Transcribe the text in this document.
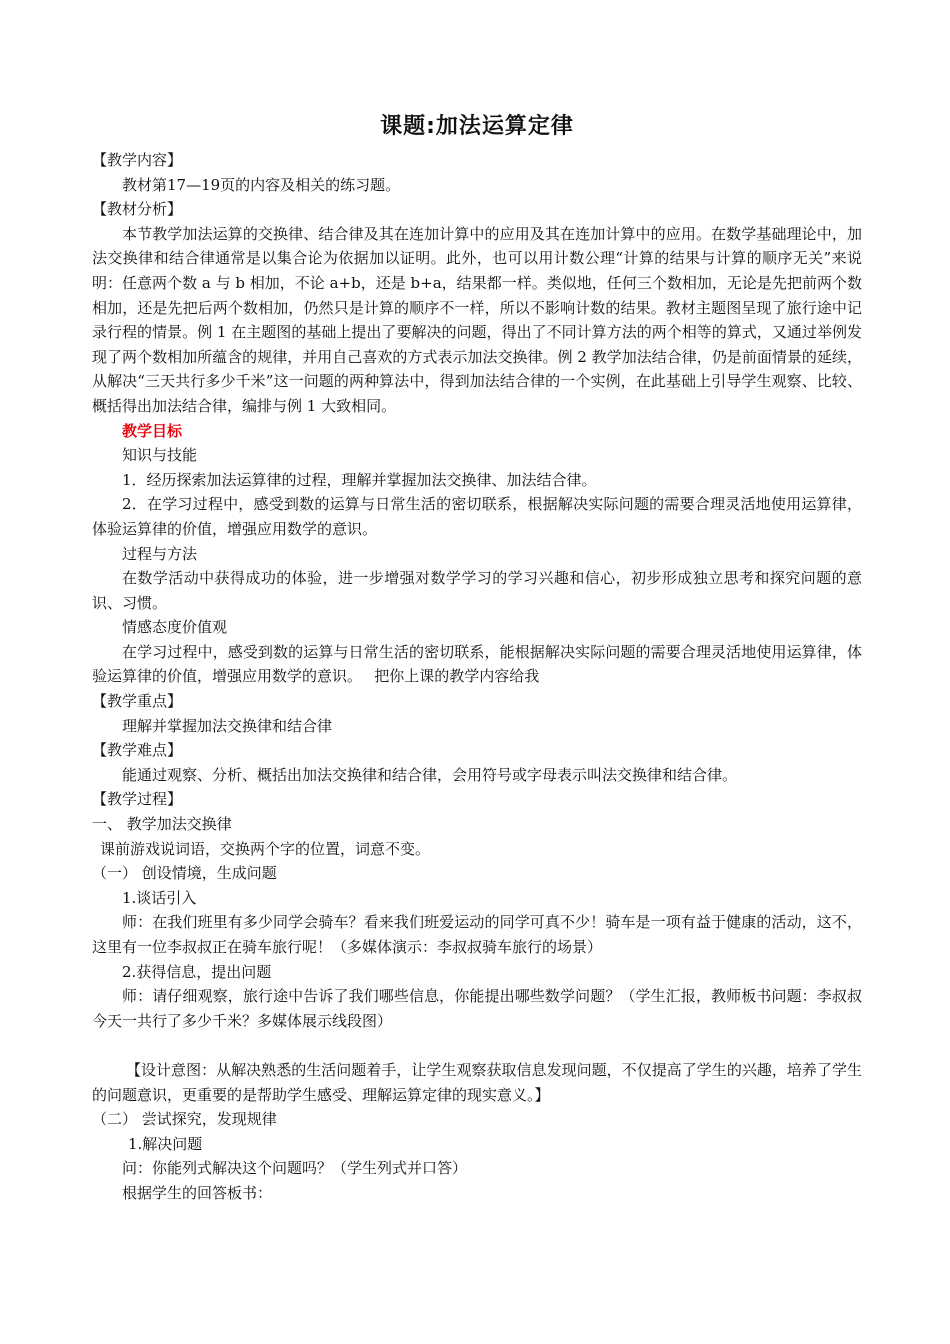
课题:加法运算定律

【教学内容】

教材第17—19页的内容及相关的练习题。

【教材分析】

本节教学加法运算的交换律、结合律及其在连加计算中的应用及其在连加计算中的应用。在数学基础理论中，加法交换律和结合律通常是以集合论为依据加以证明。此外，也可以用计数公理“计算的结果与计算的顺序无关”来说明：任意两个数 a 与 b 相加，不论 a+b，还是 b+a，结果都一样。类似地，任何三个数相加，无论是先把前两个数相加，还是先把后两个数相加，仍然只是计算的顺序不一样，所以不影响计数的结果。教材主题图呈现了旅行途中记录行程的情景。例 1 在主题图的基础上提出了要解决的问题，得出了不同计算方法的两个相等的算式，又通过举例发现了两个数相加所蕴含的规律，并用自己喜欢的方式表示加法交换律。例 2 教学加法结合律，仍是前面情景的延续，从解决“三天共行多少千米”这一问题的两种算法中，得到加法结合律的一个实例，在此基础上引导学生观察、比较、概括得出加法结合律，编排与例 1 大致相同。

教学目标

知识与技能

1．经历探索加法运算律的过程，理解并掌握加法交换律、加法结合律。

2．在学习过程中，感受到数的运算与日常生活的密切联系，根据解决实际问题的需要合理灵活地使用运算律，体验运算律的价值，增强应用数学的意识。

过程与方法

在数学活动中获得成功的体验，进一步增强对数学学习的学习兴趣和信心，初步形成独立思考和探究问题的意识、习惯。

情感态度价值观

在学习过程中，感受到数的运算与日常生活的密切联系，能根据解决实际问题的需要合理灵活地使用运算律，体验运算律的价值，增强应用数学的意识。　 把你上课的教学内容给我

【教学重点】

理解并掌握加法交换律和结合律

【教学难点】

能通过观察、分析、概括出加法交换律和结合律，会用符号或字母表示叫法交换律和结合律。

【教学过程】

一、 教学加法交换律

课前游戏说词语，交换两个字的位置，词意不变。

（一） 创设情境，生成问题

1.谈话引入

师：在我们班里有多少同学会骑车？看来我们班爱运动的同学可真不少！骑车是一项有益于健康的活动，这不，这里有一位李叔叔正在骑车旅行呢！（多媒体演示：李叔叔骑车旅行的场景）

2.获得信息，提出问题

师：请仔细观察，旅行途中告诉了我们哪些信息，你能提出哪些数学问题？（学生汇报，教师板书问题：李叔叔今天一共行了多少千米？多媒体展示线段图）

【设计意图：从解决熟悉的生活问题着手，让学生观察获取信息发现问题，不仅提高了学生的兴趣，培养了学生的问题意识，更重要的是帮助学生感受、理解运算定律的现实意义。】

（二） 尝试探究，发现规律

1.解决问题

问：你能列式解决这个问题吗？（学生列式并口答）

根据学生的回答板书：
